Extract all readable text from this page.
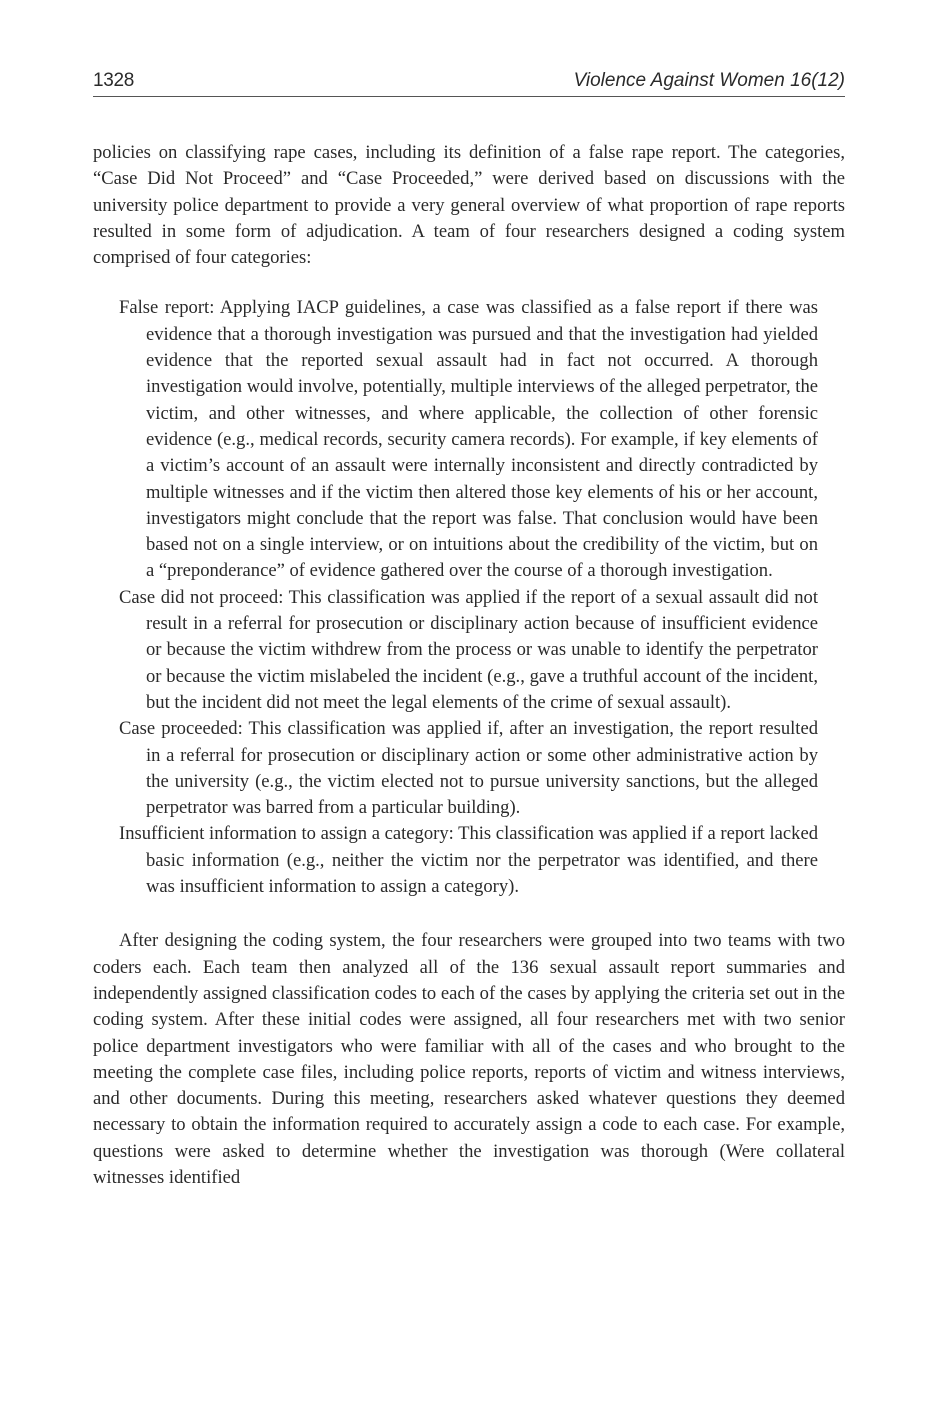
1328	Violence Against Women 16(12)

policies on classifying rape cases, including its definition of a false rape report. The categories, “Case Did Not Proceed” and “Case Proceeded,” were derived based on discussions with the university police department to provide a very general overview of what proportion of rape reports resulted in some form of adjudication. A team of four researchers designed a coding system comprised of four categories:

False report: Applying IACP guidelines, a case was classified as a false report if there was evidence that a thorough investigation was pursued and that the investigation had yielded evidence that the reported sexual assault had in fact not occurred. A thorough investigation would involve, potentially, multiple interviews of the alleged perpetrator, the victim, and other witnesses, and where applicable, the collection of other forensic evidence (e.g., medical records, security camera records). For example, if key elements of a victim’s account of an assault were internally inconsistent and directly contradicted by multiple witnesses and if the victim then altered those key elements of his or her account, investigators might conclude that the report was false. That conclusion would have been based not on a single interview, or on intuitions about the credibility of the victim, but on a “preponderance” of evidence gathered over the course of a thorough investigation.

Case did not proceed: This classification was applied if the report of a sexual assault did not result in a referral for prosecution or disciplinary action because of insufficient evidence or because the victim withdrew from the process or was unable to identify the perpetrator or because the victim mislabeled the incident (e.g., gave a truthful account of the incident, but the incident did not meet the legal elements of the crime of sexual assault).

Case proceeded: This classification was applied if, after an investigation, the report resulted in a referral for prosecution or disciplinary action or some other administrative action by the university (e.g., the victim elected not to pursue university sanctions, but the alleged perpetrator was barred from a particular building).

Insufficient information to assign a category: This classification was applied if a report lacked basic information (e.g., neither the victim nor the perpetrator was identified, and there was insufficient information to assign a category).

After designing the coding system, the four researchers were grouped into two teams with two coders each. Each team then analyzed all of the 136 sexual assault report summaries and independently assigned classification codes to each of the cases by applying the criteria set out in the coding system. After these initial codes were assigned, all four researchers met with two senior police department investigators who were familiar with all of the cases and who brought to the meeting the complete case files, including police reports, reports of victim and witness interviews, and other documents. During this meeting, researchers asked whatever questions they deemed necessary to obtain the information required to accurately assign a code to each case. For example, questions were asked to determine whether the investigation was thorough (Were collateral witnesses identified
